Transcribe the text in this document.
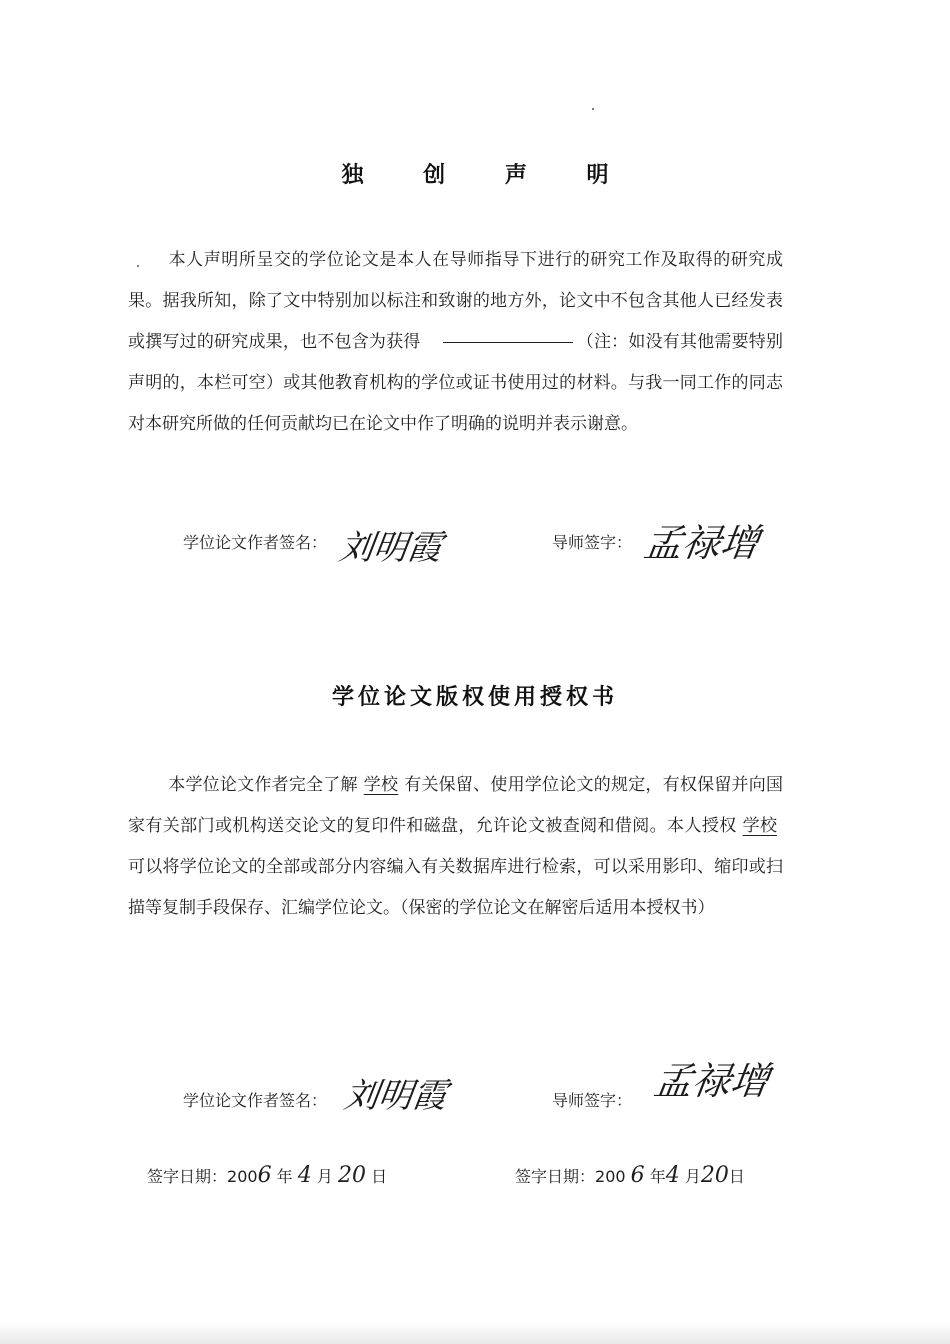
独 创 声 明

本人声明所呈交的学位论文是本人在导师指导下进行的研究工作及取得的研究成果。据我所知，除了文中特别加以标注和致谢的地方外，论文中不包含其他人已经发表或撰写过的研究成果，也不包含为获得	（注：如没有其他需要特别声明的，本栏可空）或其他教育机构的学位或证书使用过的材料。与我一同工作的同志对本研究所做的任何贡献均已在论文中作了明确的说明并表示谢意。

学位论文作者签名： 刘明霞	导师签字： 孟禄增
学位论文版权使用授权书

本学位论文作者完全了解 学校 有关保留、使用学位论文的规定，有权保留并向国家有关部门或机构送交论文的复印件和磁盘，允许论文被查阅和借阅。本人授权 学校可以将学位论文的全部或部分内容编入有关数据库进行检索，可以采用影印、缩印或扫描等复制手段保存、汇编学位论文。（保密的学位论文在解密后适用本授权书）

学位论文作者签名： 刘明霞	导师签字： 孟禄增
签字日期：2006 年 4 月 20 日	签字日期：200 6 年4 月20日
